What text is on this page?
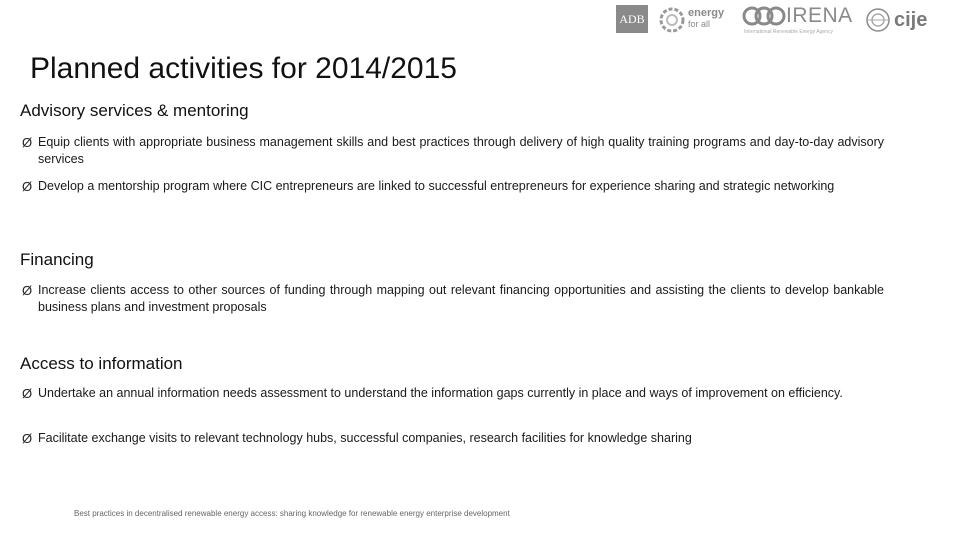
ADB	energy
for all	IRENA
International Renewable Energy Agency
cije
Planned activities for 2014/2015
Advisory services & mentoring
Ø Equip clients with appropriate business management skills and best practices through delivery of high quality training programs and day-to-day advisory services
Ø Develop a mentorship program where CIC entrepreneurs are linked to successful entrepreneurs for experience sharing and strategic networking
Financing
Ø Increase clients access to other sources of funding through mapping out relevant financing opportunities and assisting the clients to develop bankable business plans and investment proposals
Access to information
Ø Undertake an annual information needs assessment to understand the information gaps currently in place and ways of improvement on efficiency.
Ø Facilitate exchange visits to relevant technology hubs, successful companies, research facilities for knowledge sharing
Best practices in decentralised renewable energy access: sharing knowledge for renewable energy enterprise development
